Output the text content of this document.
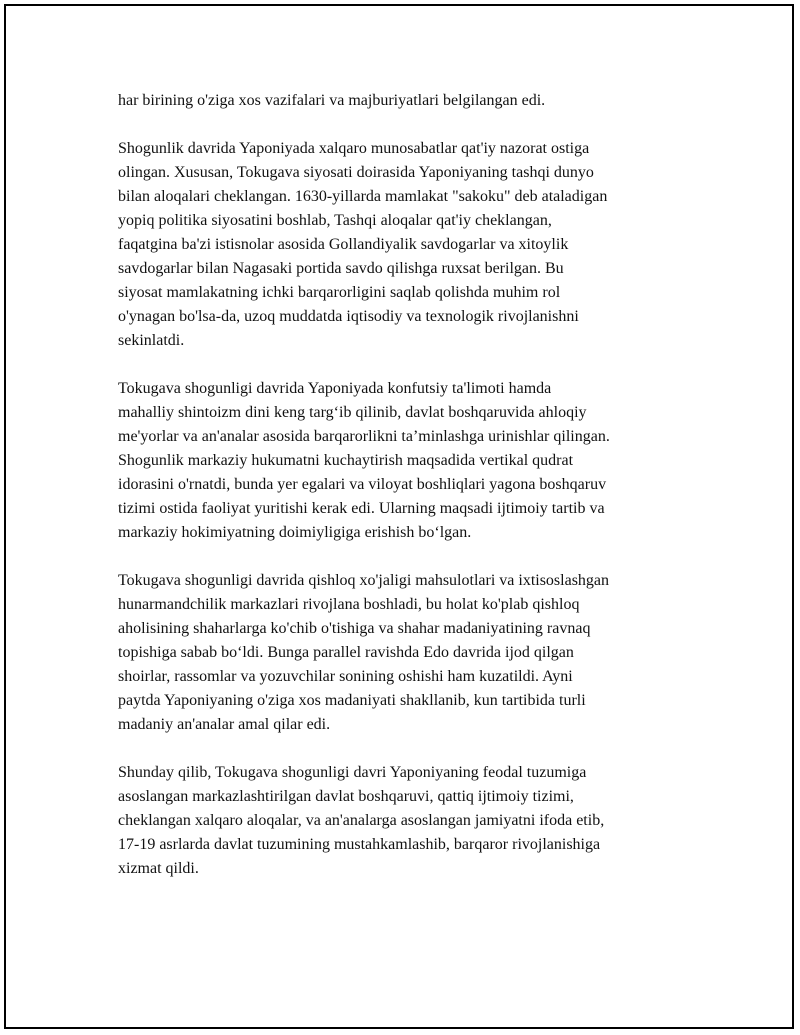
har birining o'ziga xos vazifalari va majburiyatlari belgilangan edi.

Shogunlik davrida Yaponiyada xalqaro munosabatlar qat'iy nazorat ostiga
olingan. Xususan, Tokugava siyosati doirasida Yaponiyaning tashqi dunyo
bilan aloqalari cheklangan. 1630-yillarda mamlakat "sakoku" deb ataladigan
yopiq politika siyosatini boshlab, Tashqi aloqalar qat'iy cheklangan,
faqatgina ba'zi istisnolar asosida Gollandiyalik savdogarlar va xitoylik
savdogarlar bilan Nagasaki portida savdo qilishga ruxsat berilgan. Bu
siyosat mamlakatning ichki barqarorligini saqlab qolishda muhim rol
o'ynagan bo'lsa-da, uzoq muddatda iqtisodiy va texnologik rivojlanishni
sekinlatdi.

Tokugava shogunligi davrida Yaponiyada konfutsiy ta'limoti hamda
mahalliy shintoizm dini keng targ‘ib qilinib, davlat boshqaruvida ahloqiy
me'yorlar va an'analar asosida barqarorlikni ta’minlashga urinishlar qilingan.
Shogunlik markaziy hukumatni kuchaytirish maqsadida vertikal qudrat
idorasini o'rnatdi, bunda yer egalari va viloyat boshliqlari yagona boshqaruv
tizimi ostida faoliyat yuritishi kerak edi. Ularning maqsadi ijtimoiy tartib va
markaziy hokimiyatning doimiyligiga erishish bo‘lgan.

Tokugava shogunligi davrida qishloq xo'jaligi mahsulotlari va ixtisoslashgan
hunarmandchilik markazlari rivojlana boshladi, bu holat ko'plab qishloq
aholisining shaharlarga ko'chib o'tishiga va shahar madaniyatining ravnaq
topishiga sabab bo‘ldi. Bunga parallel ravishda Edo davrida ijod qilgan
shoirlar, rassomlar va yozuvchilar sonining oshishi ham kuzatildi. Ayni
paytda Yaponiyaning o'ziga xos madaniyati shakllanib, kun tartibida turli
madaniy an'analar amal qilar edi.

Shunday qilib, Tokugava shogunligi davri Yaponiyaning feodal tuzumiga
asoslangan markazlashtirilgan davlat boshqaruvi, qattiq ijtimoiy tizimi,
cheklangan xalqaro aloqalar, va an'analarga asoslangan jamiyatni ifoda etib,
17-19 asrlarda davlat tuzumining mustahkamlashib, barqaror rivojlanishiga
xizmat qildi.
